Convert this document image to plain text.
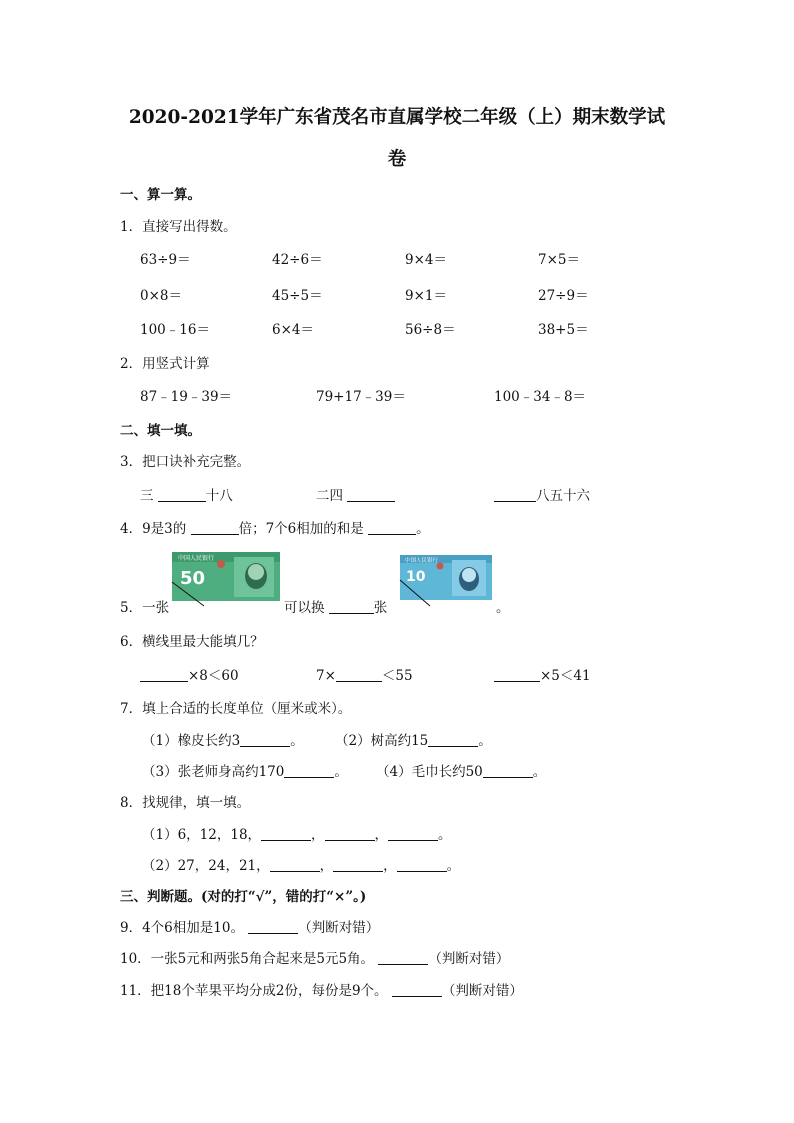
2020-2021学年广东省茂名市直属学校二年级（上）期末数学试
卷
一、算一算。
1．直接写出得数。
63÷9＝	42÷6＝	9×4＝	7×5＝
0×8＝	45÷5＝	9×1＝	27÷9＝
100﹣16＝	6×4＝	56÷8＝	38+5＝
2．用竖式计算
87﹣19﹣39＝	79+17﹣39＝	100﹣34﹣8＝
二、填一填。
3．把口诀补充完整。
三	十八	二四	八五十六
4．9是3的	倍；7个6相加的和是	。
中国人民银行
50
中国人民银行
10
5．一张	可以换	张	。
6．横线里最大能填几？
×8＜60	7×	＜55	×5＜41
7．填上合适的长度单位（厘米或米）。
（1）橡皮长约3	。 （2）树高约15	。
（3）张老师身高约170	。 （4）毛巾长约50	。
8．找规律，填一填。
（1）6，12，18，	，	，	。
（2）27，24，21，	，	，	。
三、判断题。(对的打“√”，错的打“×”。)
9．4个6相加是10。	（判断对错）
10．一张5元和两张5角合起来是5元5角。	（判断对错）
11．把18个苹果平均分成2份，每份是9个。	（判断对错）
